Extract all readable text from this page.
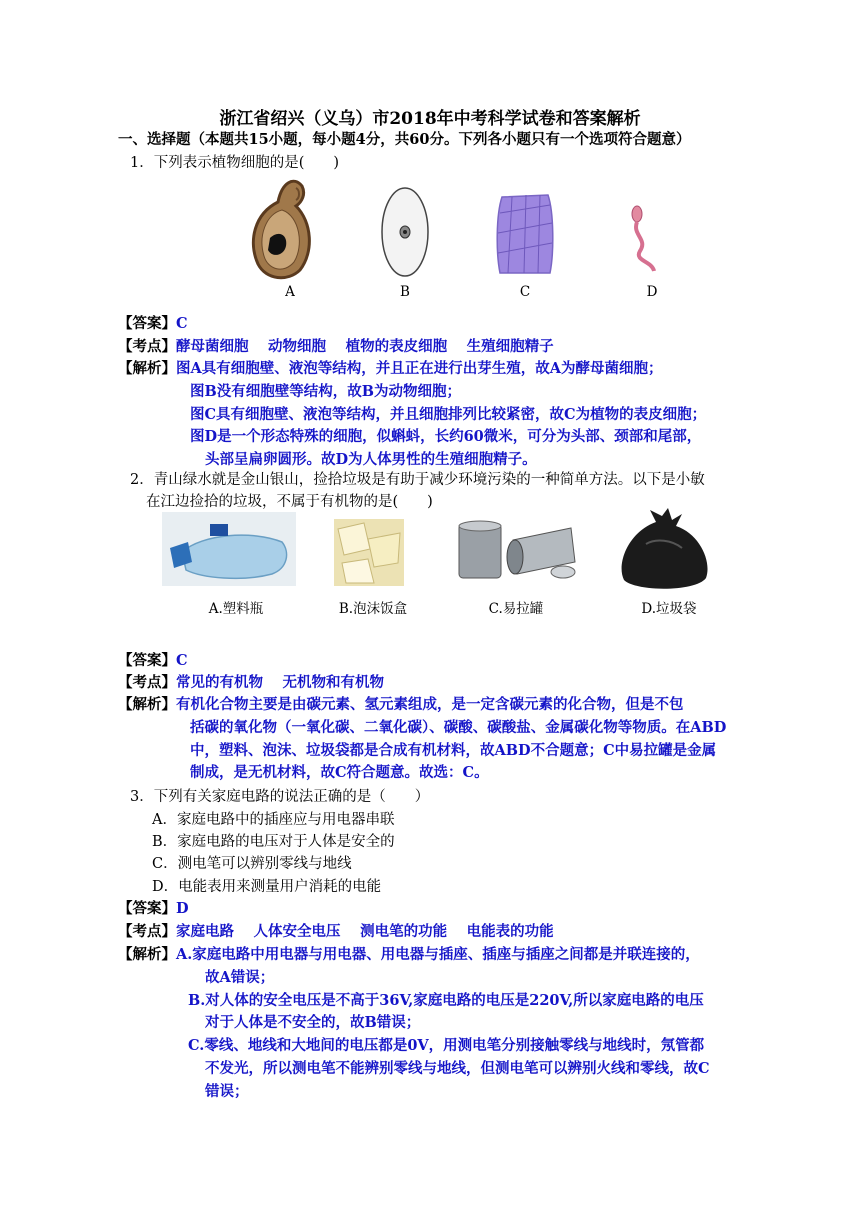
浙江省绍兴（义乌）市2018年中考科学试卷和答案解析
一、选择题（本题共15小题，每小题4分，共60分。下列各小题只有一个选项符合题意）
1．下列表示植物细胞的是(　　)
A	B	C	D
【答案】C
【考点】酵母菌细胞　 动物细胞　 植物的表皮细胞　 生殖细胞精子
【解析】图A具有细胞壁、液泡等结构，并且正在进行出芽生殖，故A为酵母菌细胞；
图B没有细胞壁等结构，故B为动物细胞；
图C具有细胞壁、液泡等结构，并且细胞排列比较紧密，故C为植物的表皮细胞；
图D是一个形态特殊的细胞，似蝌蚪，长约60微米，可分为头部、颈部和尾部，
头部呈扁卵圆形。故D为人体男性的生殖细胞精子。
2．青山绿水就是金山银山，捡拾垃圾是有助于减少环境污染的一种简单方法。以下是小敏
在江边捡拾的垃圾，不属于有机物的是(　　)
A.塑料瓶	B.泡沫饭盒	C.易拉罐	D.垃圾袋
【答案】C
【考点】常见的有机物　 无机物和有机物
【解析】有机化合物主要是由碳元素、氢元素组成，是一定含碳元素的化合物，但是不包
括碳的氧化物（一氧化碳、二氧化碳）、碳酸、碳酸盐、金属碳化物等物质。在ABD
中，塑料、泡沫、垃圾袋都是合成有机材料，故ABD不合题意；C中易拉罐是金属
制成，是无机材料，故C符合题意。故选：C。
3．下列有关家庭电路的说法正确的是（　　）
A．家庭电路中的插座应与用电器串联
B．家庭电路的电压对于人体是安全的
C．测电笔可以辨别零线与地线
D．电能表用来测量用户消耗的电能
【答案】D
【考点】家庭电路　 人体安全电压　 测电笔的功能　 电能表的功能
【解析】A.家庭电路中用电器与用电器、用电器与插座、插座与插座之间都是并联连接的，
故A错误；
B.对人体的安全电压是不高于36V,家庭电路的电压是220V,所以家庭电路的电压
对于人体是不安全的，故B错误；
C.零线、地线和大地间的电压都是0V，用测电笔分别接触零线与地线时，氖管都
不发光，所以测电笔不能辨别零线与地线，但测电笔可以辨别火线和零线，故C
错误；
